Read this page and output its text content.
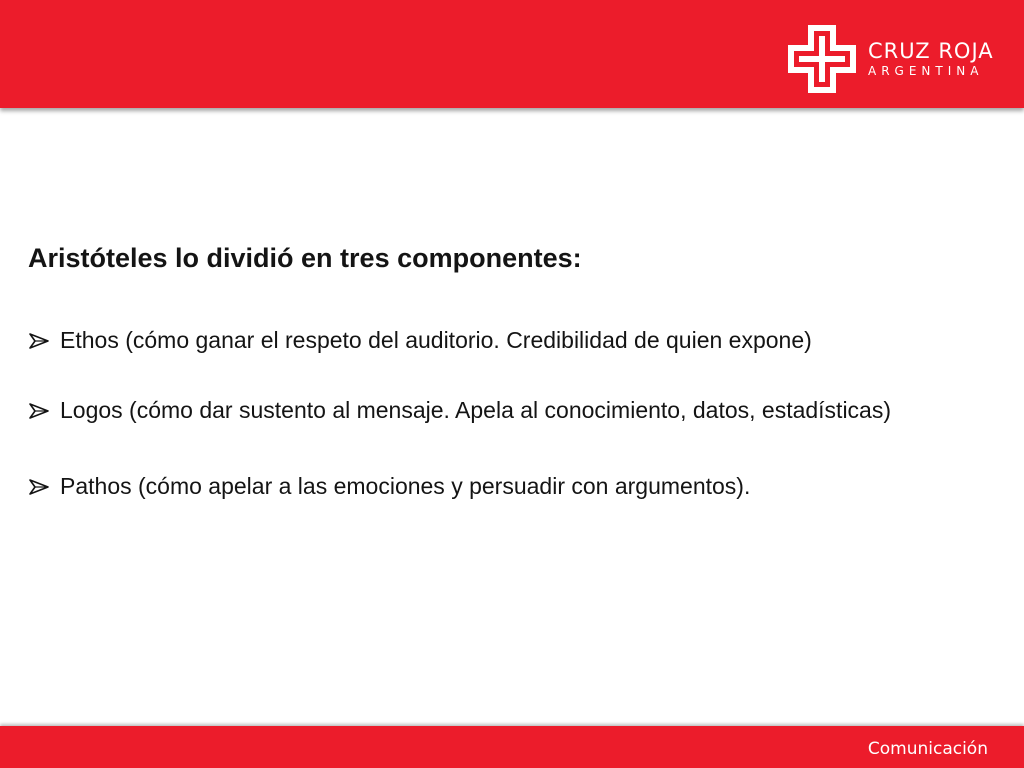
CRUZ ROJA
ARGENTINA
Aristóteles lo dividió en tres componentes:
Ethos (cómo ganar el respeto del auditorio. Credibilidad de quien expone)
Logos (cómo dar sustento al mensaje. Apela al conocimiento, datos, estadísticas)
Pathos (cómo apelar a las emociones y persuadir con argumentos).
Comunicación
